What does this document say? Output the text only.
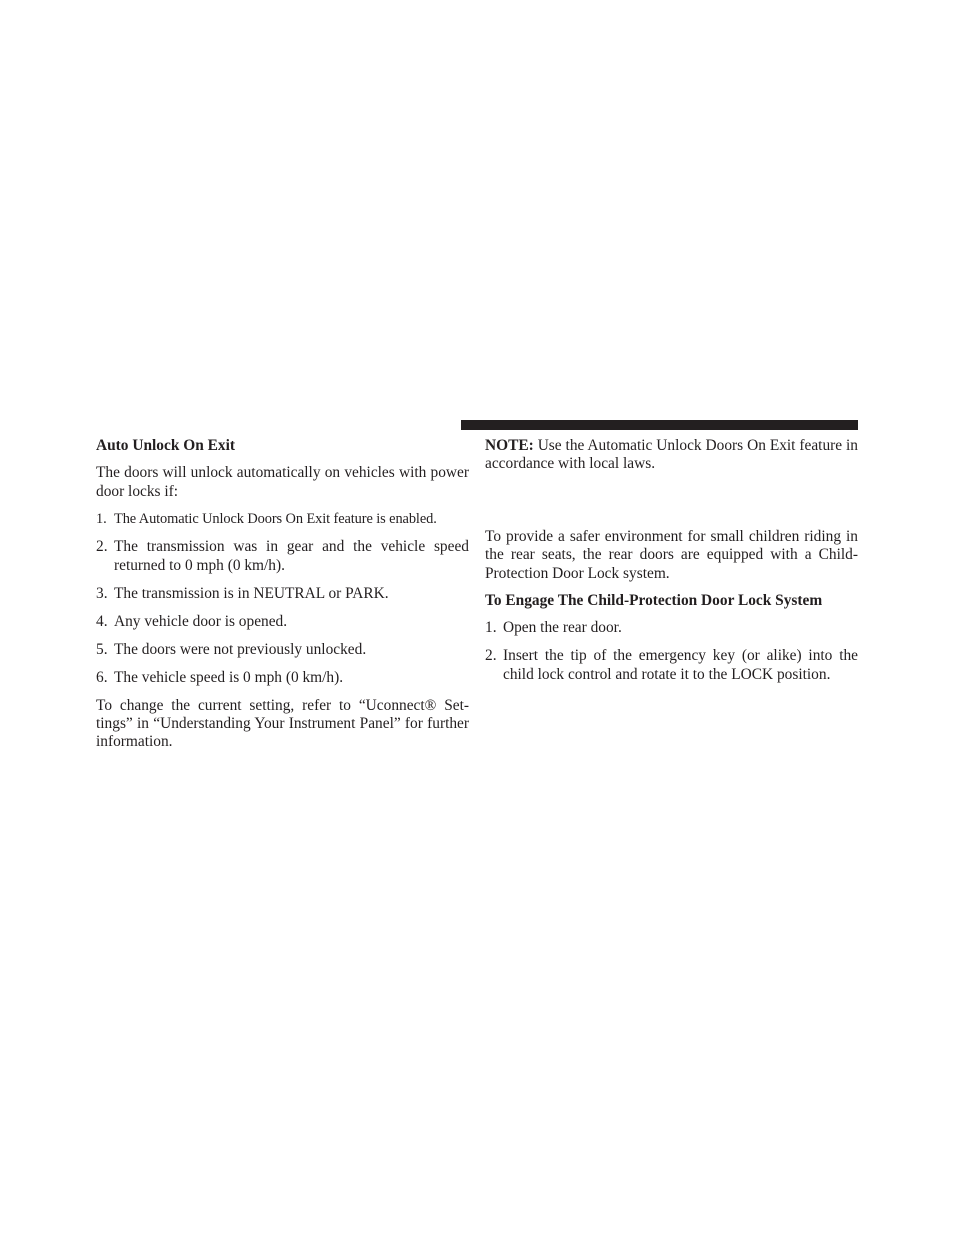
Auto Unlock On Exit
The doors will unlock automatically on vehicles with power door locks if:
1. The Automatic Unlock Doors On Exit feature is enabled.
2. The transmission was in gear and the vehicle speed returned to 0 mph (0 km/h).
3. The transmission is in NEUTRAL or PARK.
4. Any vehicle door is opened.
5. The doors were not previously unlocked.
6. The vehicle speed is 0 mph (0 km/h).
To change the current setting, refer to “Uconnect® Set-tings” in “Understanding Your Instrument Panel” for further information.
NOTE: Use the Automatic Unlock Doors On Exit feature in accordance with local laws.
To provide a safer environment for small children riding in the rear seats, the rear doors are equipped with a Child-Protection Door Lock system.
To Engage The Child-Protection Door Lock System
1. Open the rear door.
2. Insert the tip of the emergency key (or alike) into the child lock control and rotate it to the LOCK position.
